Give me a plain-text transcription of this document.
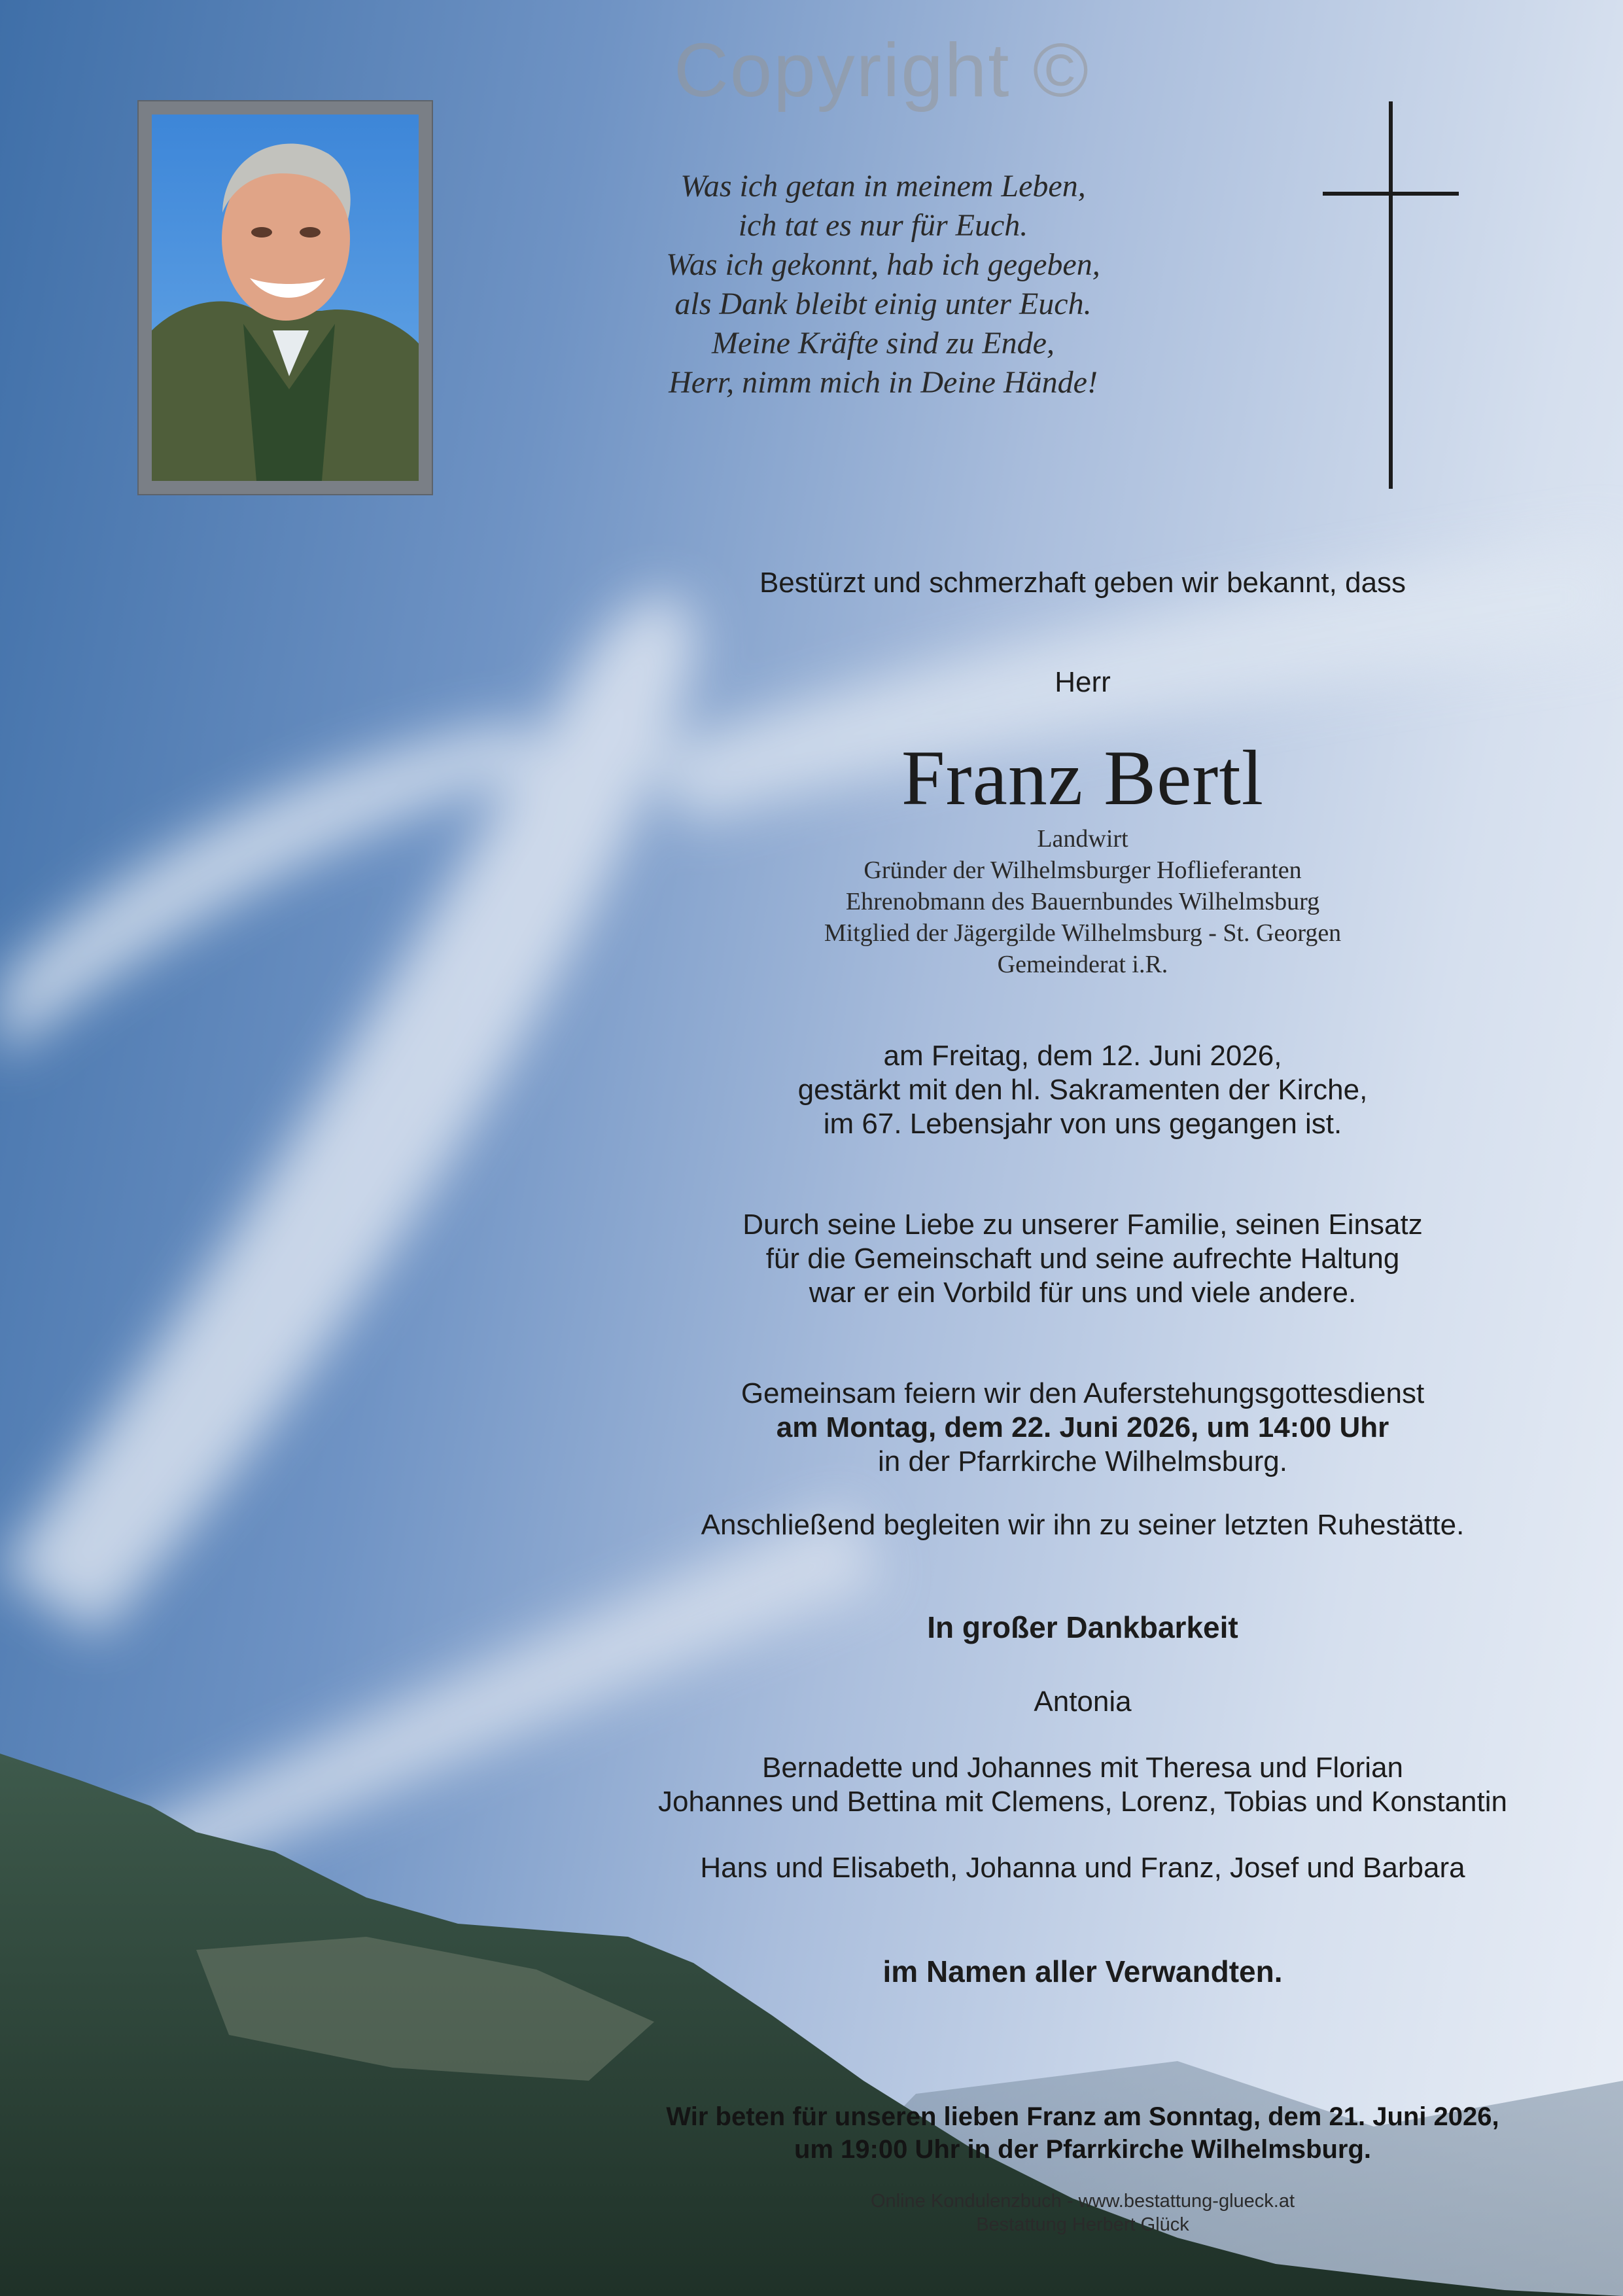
Copyright ©
Was ich getan in meinem Leben,
ich tat es nur für Euch.
Was ich gekonnt, hab ich gegeben,
als Dank bleibt einig unter Euch.
Meine Kräfte sind zu Ende,
Herr, nimm mich in Deine Hände!
Bestürzt und schmerzhaft geben wir bekannt, dass
Herr
Franz Bertl
Landwirt
Gründer der Wilhelmsburger Hoflieferanten
Ehrenobmann des Bauernbundes Wilhelmsburg
Mitglied der Jägergilde Wilhelmsburg - St. Georgen
Gemeinderat i.R.
am Freitag, dem 12. Juni 2026,
gestärkt mit den hl. Sakramenten der Kirche,
im 67. Lebensjahr von uns gegangen ist.
Durch seine Liebe zu unserer Familie, seinen Einsatz
für die Gemeinschaft und seine aufrechte Haltung
war er ein Vorbild für uns und viele andere.
Gemeinsam feiern wir den Auferstehungsgottesdienst
am Montag, dem 22. Juni 2026, um 14:00 Uhr
in der Pfarrkirche Wilhelmsburg.
Anschließend begleiten wir ihn zu seiner letzten Ruhestätte.
In großer Dankbarkeit
Antonia
Bernadette und Johannes mit Theresa und Florian
Johannes und Bettina mit Clemens, Lorenz, Tobias und Konstantin
Hans und Elisabeth, Johanna und Franz, Josef und Barbara
im Namen aller Verwandten.
Wir beten für unseren lieben Franz am Sonntag, dem 21. Juni 2026,
um 19:00 Uhr in der Pfarrkirche Wilhelmsburg.
Online Kondulenzbuch - www.bestattung-glueck.at
Bestattung Herbert Glück
